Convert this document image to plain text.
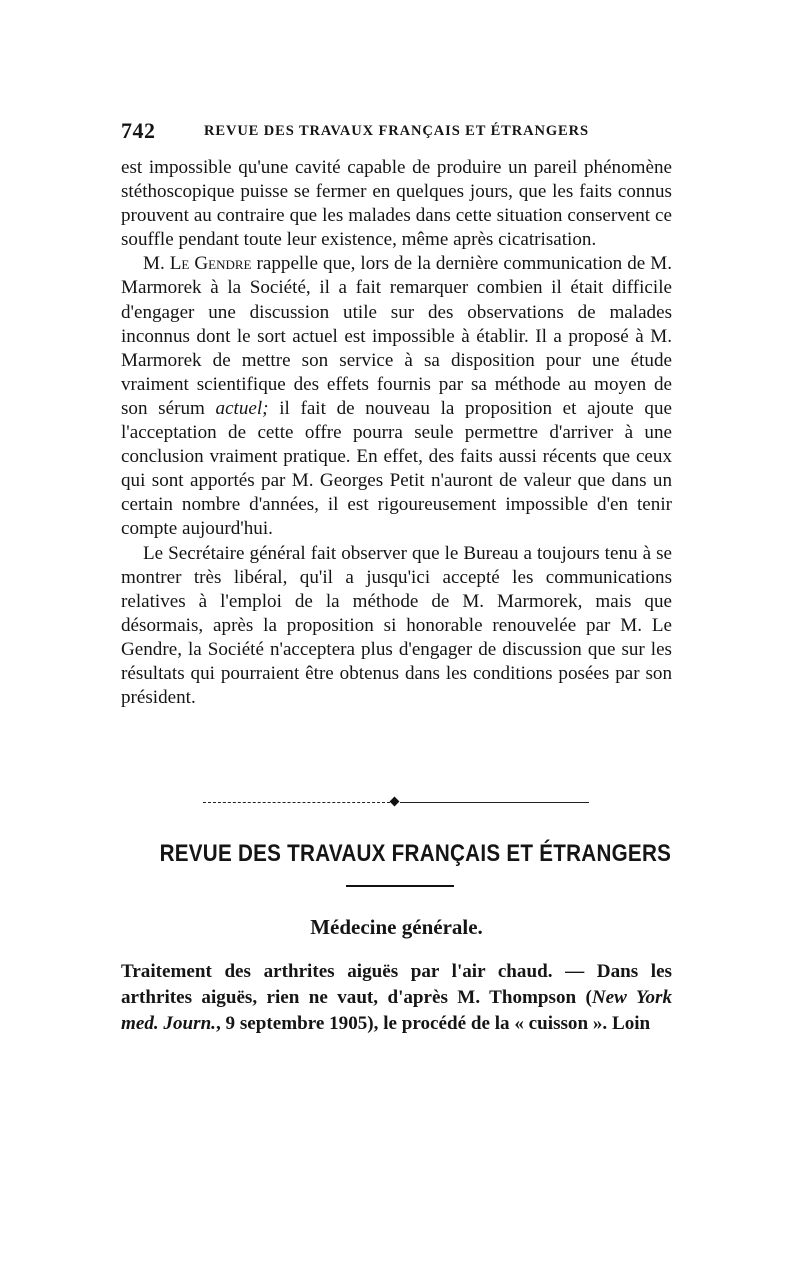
742	REVUE DES TRAVAUX FRANÇAIS ET ÉTRANGERS

est impossible qu'une cavité capable de produire un pareil phénomène stéthoscopique puisse se fermer en quelques jours, que les faits connus prouvent au contraire que les malades dans cette situation conservent ce souffle pendant toute leur existence, même après cicatrisation.

M. Le Gendre rappelle que, lors de la dernière communication de M. Marmorek à la Société, il a fait remarquer combien il était difficile d'engager une discussion utile sur des observations de malades inconnus dont le sort actuel est impossible à établir. Il a proposé à M. Marmorek de mettre son service à sa disposition pour une étude vraiment scientifique des effets fournis par sa méthode au moyen de son sérum actuel; il fait de nouveau la proposition et ajoute que l'acceptation de cette offre pourra seule permettre d'arriver à une conclusion vraiment pratique. En effet, des faits aussi récents que ceux qui sont apportés par M. Georges Petit n'auront de valeur que dans un certain nombre d'années, il est rigoureusement impossible d'en tenir compte aujourd'hui.

Le Secrétaire général fait observer que le Bureau a toujours tenu à se montrer très libéral, qu'il a jusqu'ici accepté les communications relatives à l'emploi de la méthode de M. Marmorek, mais que désormais, après la proposition si honorable renouvelée par M. Le Gendre, la Société n'acceptera plus d'engager de discussion que sur les résultats qui pourraient être obtenus dans les conditions posées par son président.

REVUE DES TRAVAUX FRANÇAIS ET ÉTRANGERS
Médecine générale.
Traitement des arthrites aiguës par l'air chaud. — Dans les arthrites aiguës, rien ne vaut, d'après M. Thompson (New York med. Journ., 9 septembre 1905), le procédé de la « cuisson ». Loin
